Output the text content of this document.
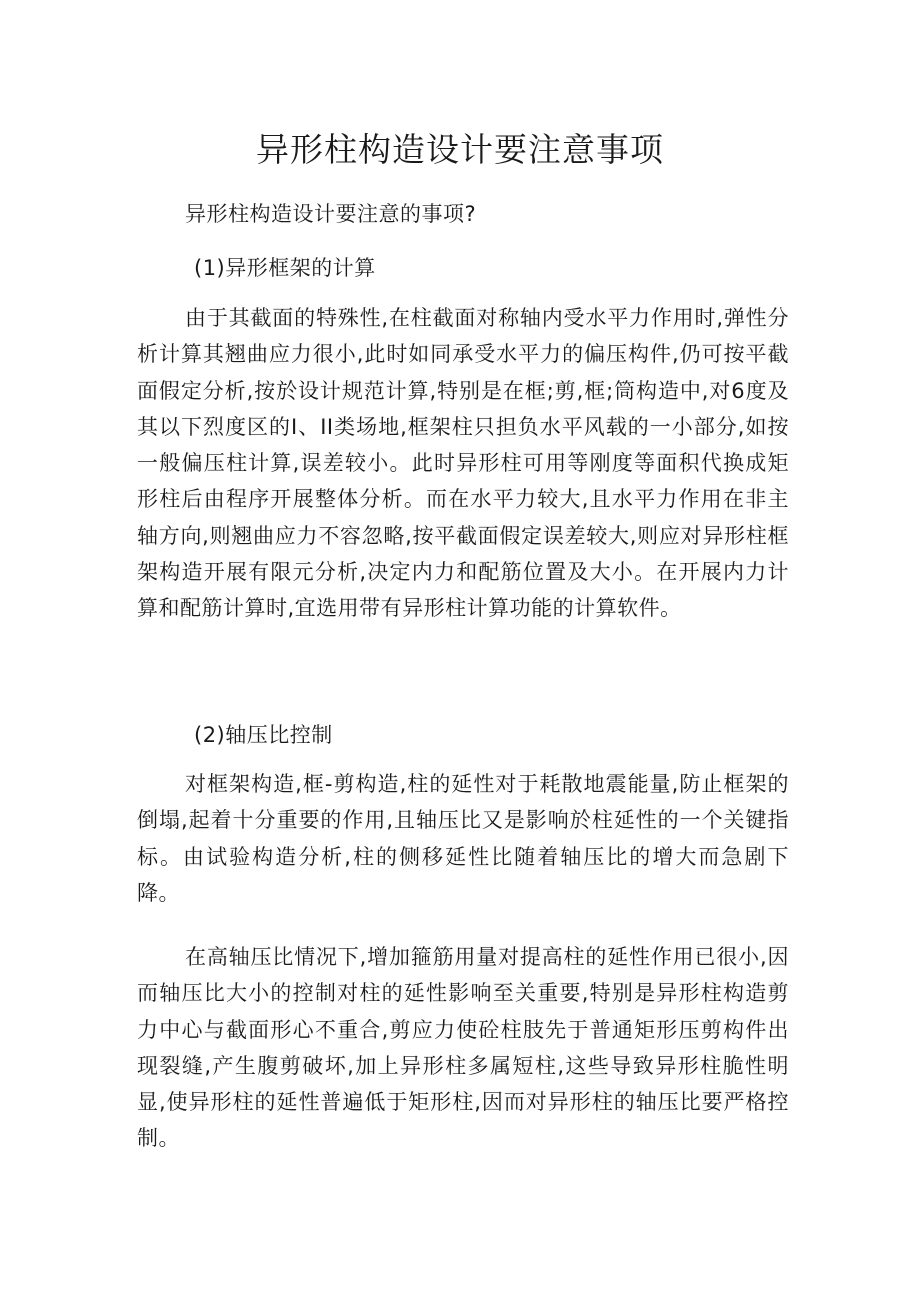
异形柱构造设计要注意事项

异形柱构造设计要注意的事项?

(1)异形框架的计算

由于其截面的特殊性,在柱截面对称轴内受水平力作用时,弹性分析计算其翘曲应力很小,此时如同承受水平力的偏压构件,仍可按平截面假定分析,按於设计规范计算,特别是在框;剪,框;筒构造中,对6度及其以下烈度区的I、II类场地,框架柱只担负水平风载的一小部分,如按一般偏压柱计算,误差较小。此时异形柱可用等刚度等面积代换成矩形柱后由程序开展整体分析。而在水平力较大,且水平力作用在非主轴方向,则翘曲应力不容忽略,按平截面假定误差较大,则应对异形柱框架构造开展有限元分析,决定内力和配筋位置及大小。在开展内力计算和配筋计算时,宜选用带有异形柱计算功能的计算软件。

(2)轴压比控制

对框架构造,框-剪构造,柱的延性对于耗散地震能量,防止框架的倒塌,起着十分重要的作用,且轴压比又是影响於柱延性的一个关键指标。由试验构造分析,柱的侧移延性比随着轴压比的增大而急剧下降。

在高轴压比情况下,增加箍筋用量对提高柱的延性作用已很小,因而轴压比大小的控制对柱的延性影响至关重要,特别是异形柱构造剪力中心与截面形心不重合,剪应力使砼柱肢先于普通矩形压剪构件出现裂缝,产生腹剪破坏,加上异形柱多属短柱,这些导致异形柱脆性明显,使异形柱的延性普遍低于矩形柱,因而对异形柱的轴压比要严格控制。
